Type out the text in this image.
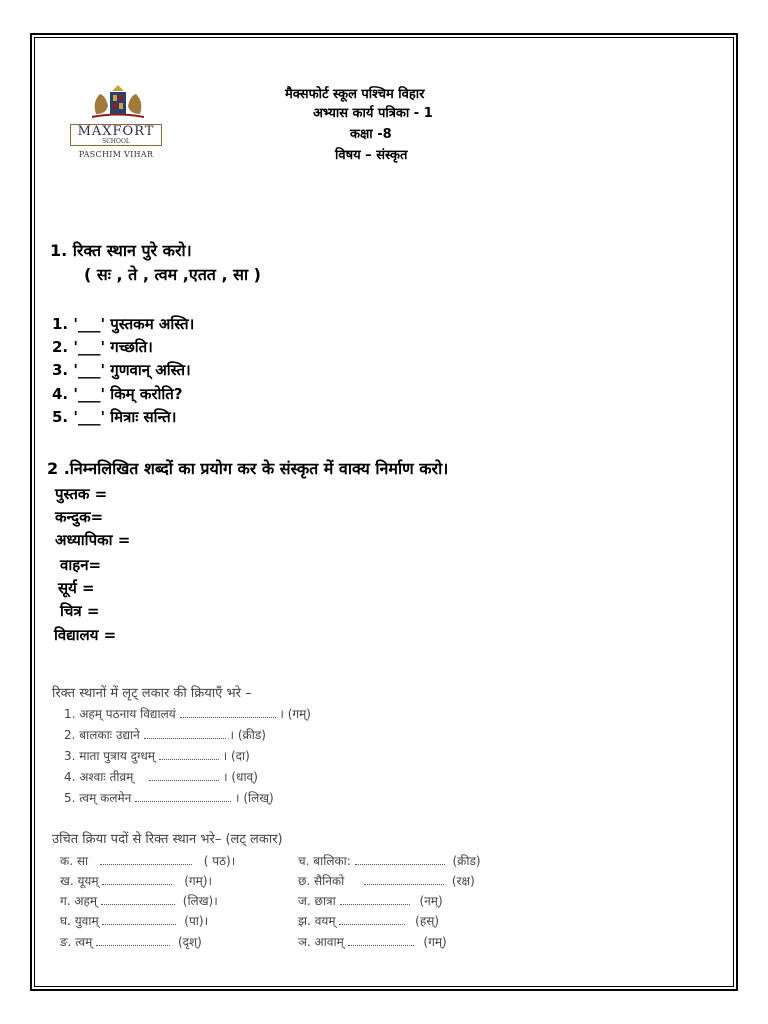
MAXFORT
SCHOOL
PASCHIM VIHAR
मैक्सफोर्ट स्कूल पश्चिम विहार
अभ्यास कार्य पत्रिका - 1
कक्षा -8
विषय – संस्कृत
1. रिक्त स्थान पुरे करो।
( सः , ते , त्वम ,एतत , सा )
1. '___' पुस्तकम अस्ति।
2. '___' गच्छति।
3. '___' गुणवान् अस्ति।
4. '___' किम् करोति?
5. '___' मित्राः सन्ति।
2 .निम्नलिखित शब्दों का प्रयोग कर के संस्कृत में वाक्य निर्माण करो।
पुस्तक =
कन्दुक=
अध्यापिका =
वाहन=
सूर्य =
चित्र =
विद्यालय =
रिक्त स्थानों में लृट् लकार की क्रियाएँ भरे –
1. अहम् पठनाय विद्यालयं	। (गम्)
2. बालकाः उद्याने	। (क्रीड)
3. माता पुत्राय दुग्धम्	। (दा)
4. अश्वाः तीव्रम्	। (धाव्)
5. त्वम् कलमेन	। (लिख्)
उचित क्रिया पदों से रिक्त स्थान भरे– (लट् लकार)
क. सा	( पठ)।
ख. यूयम्	(गम्)।
ग. अहम्	(लिख)।
घ. युवाम्	(पा)।
ङ. त्वम्	(दृश्)
च. बालिका:	(क्रीड)
छ. सैनिको	(रक्ष)
ज. छात्रा	(नम्)
झ. वयम्	(हस्)
ञ. आवाम्	(गम्)
